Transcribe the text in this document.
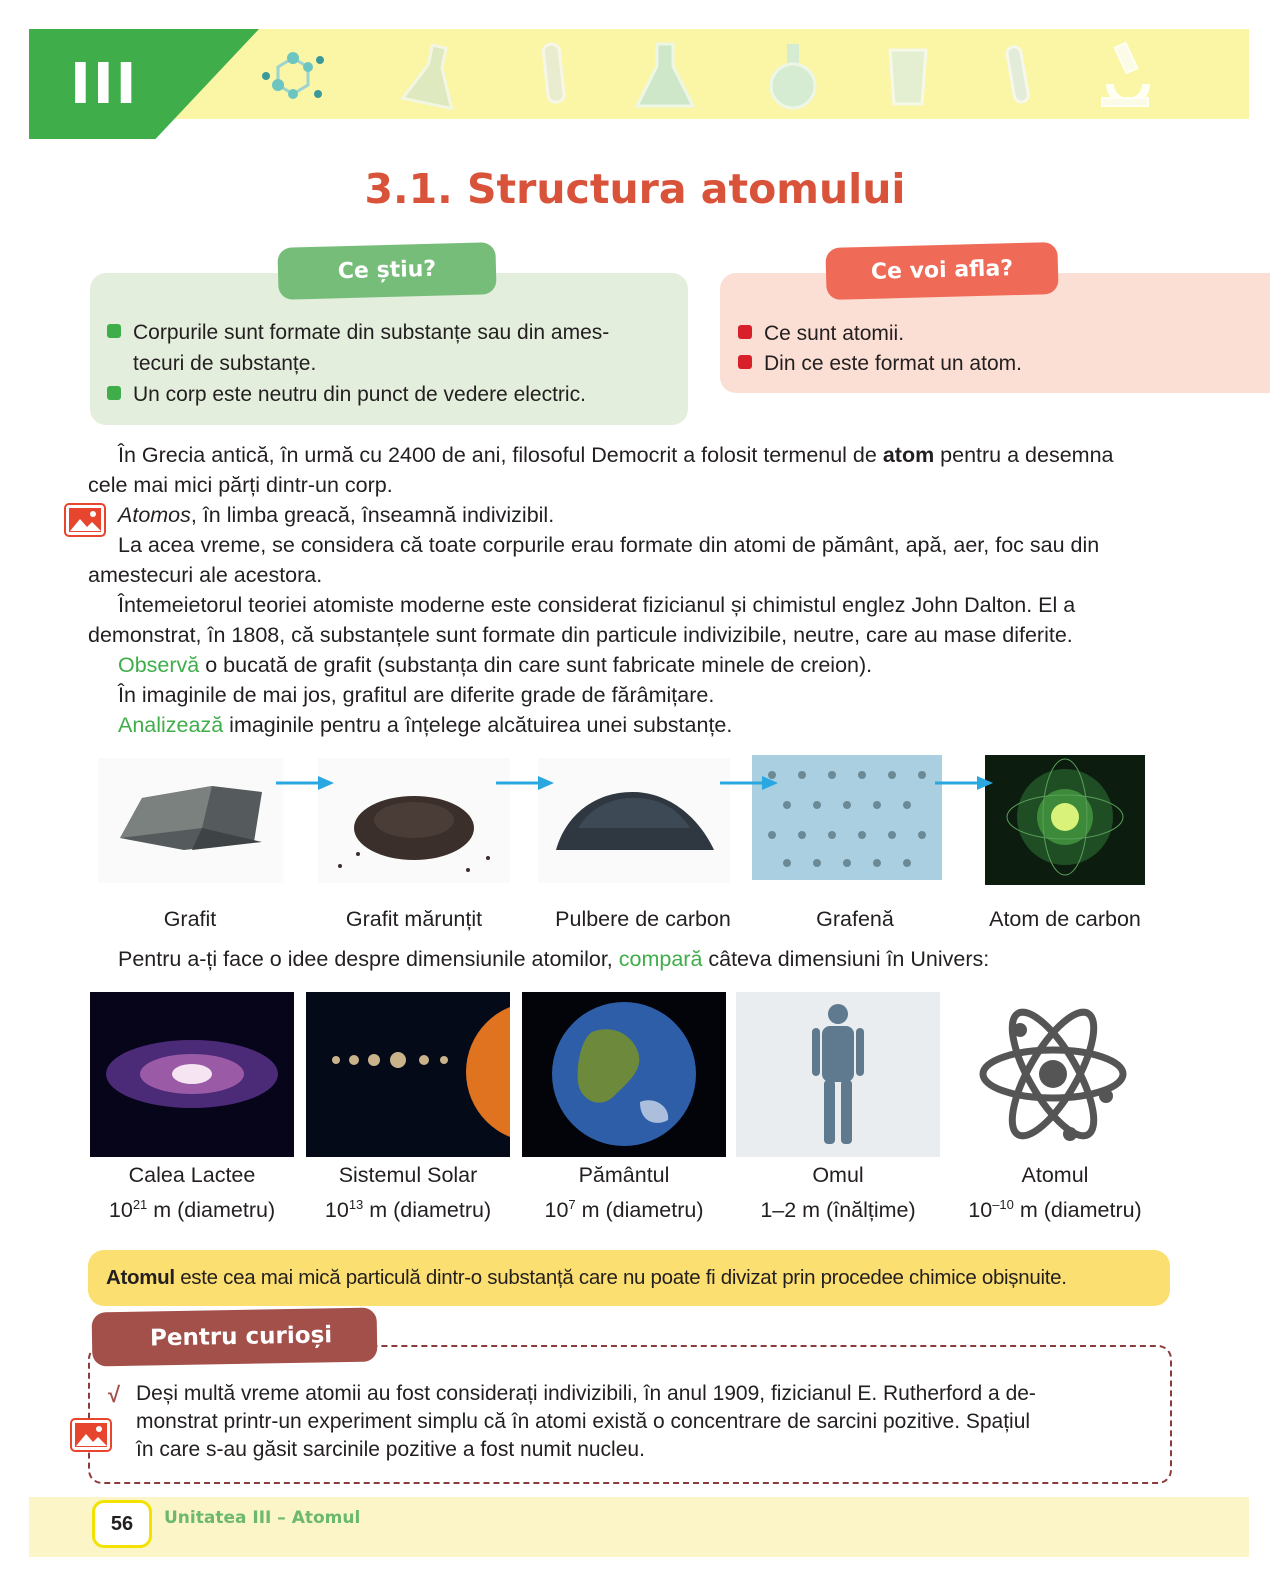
III
3.1. Structura atomului
Ce știu?
Corpurile sunt formate din substanțe sau din ames-
tecuri de substanțe.
Un corp este neutru din punct de vedere electric.
Ce voi afla?
Ce sunt atomii.
Din ce este format un atom.
În Grecia antică, în urmă cu 2400 de ani, filosoful Democrit a folosit termenul de atom pentru a desemna
cele mai mici părți dintr-un corp.
Atomos, în limba greacă, înseamnă indivizibil.
La acea vreme, se considera că toate corpurile erau formate din atomi de pământ, apă, aer, foc sau din
amestecuri ale acestora.
Întemeietorul teoriei atomiste moderne este considerat fizicianul și chimistul englez John Dalton. El a
demonstrat, în 1808, că substanțele sunt formate din particule indivizibile, neutre, care au mase diferite.
Observă o bucată de grafit (substanța din care sunt fabricate minele de creion).
În imaginile de mai jos, grafitul are diferite grade de fărâmițare.
Analizează imaginile pentru a înțelege alcătuirea unei substanțe.
Grafit	Grafit mărunțit	Pulbere de carbon	Grafenă	Atom de carbon
Pentru a-ți face o idee despre dimensiunile atomilor, compară câteva dimensiuni în Univers:
Calea Lactee
$10^{21}$ m (diametru)
Sistemul Solar
$10^{13}$ m (diametru)
Pământul
$10^7$ m (diametru)
Omul
1–2 m (înălțime)
Atomul
$10^{-10}$ m (diametru)
Atomul este cea mai mică particulă dintr-o substanță care nu poate fi divizat prin procedee chimice obișnuite.
Pentru curioși
√ Deși multă vreme atomii au fost considerați indivizibili, în anul 1909, fizicianul E. Rutherford a de-
monstrat printr-un experiment simplu că în atomi există o concentrare de sarcini pozitive. Spațiul
în care s-au găsit sarcinile pozitive a fost numit nucleu.
56	Unitatea III – Atomul
